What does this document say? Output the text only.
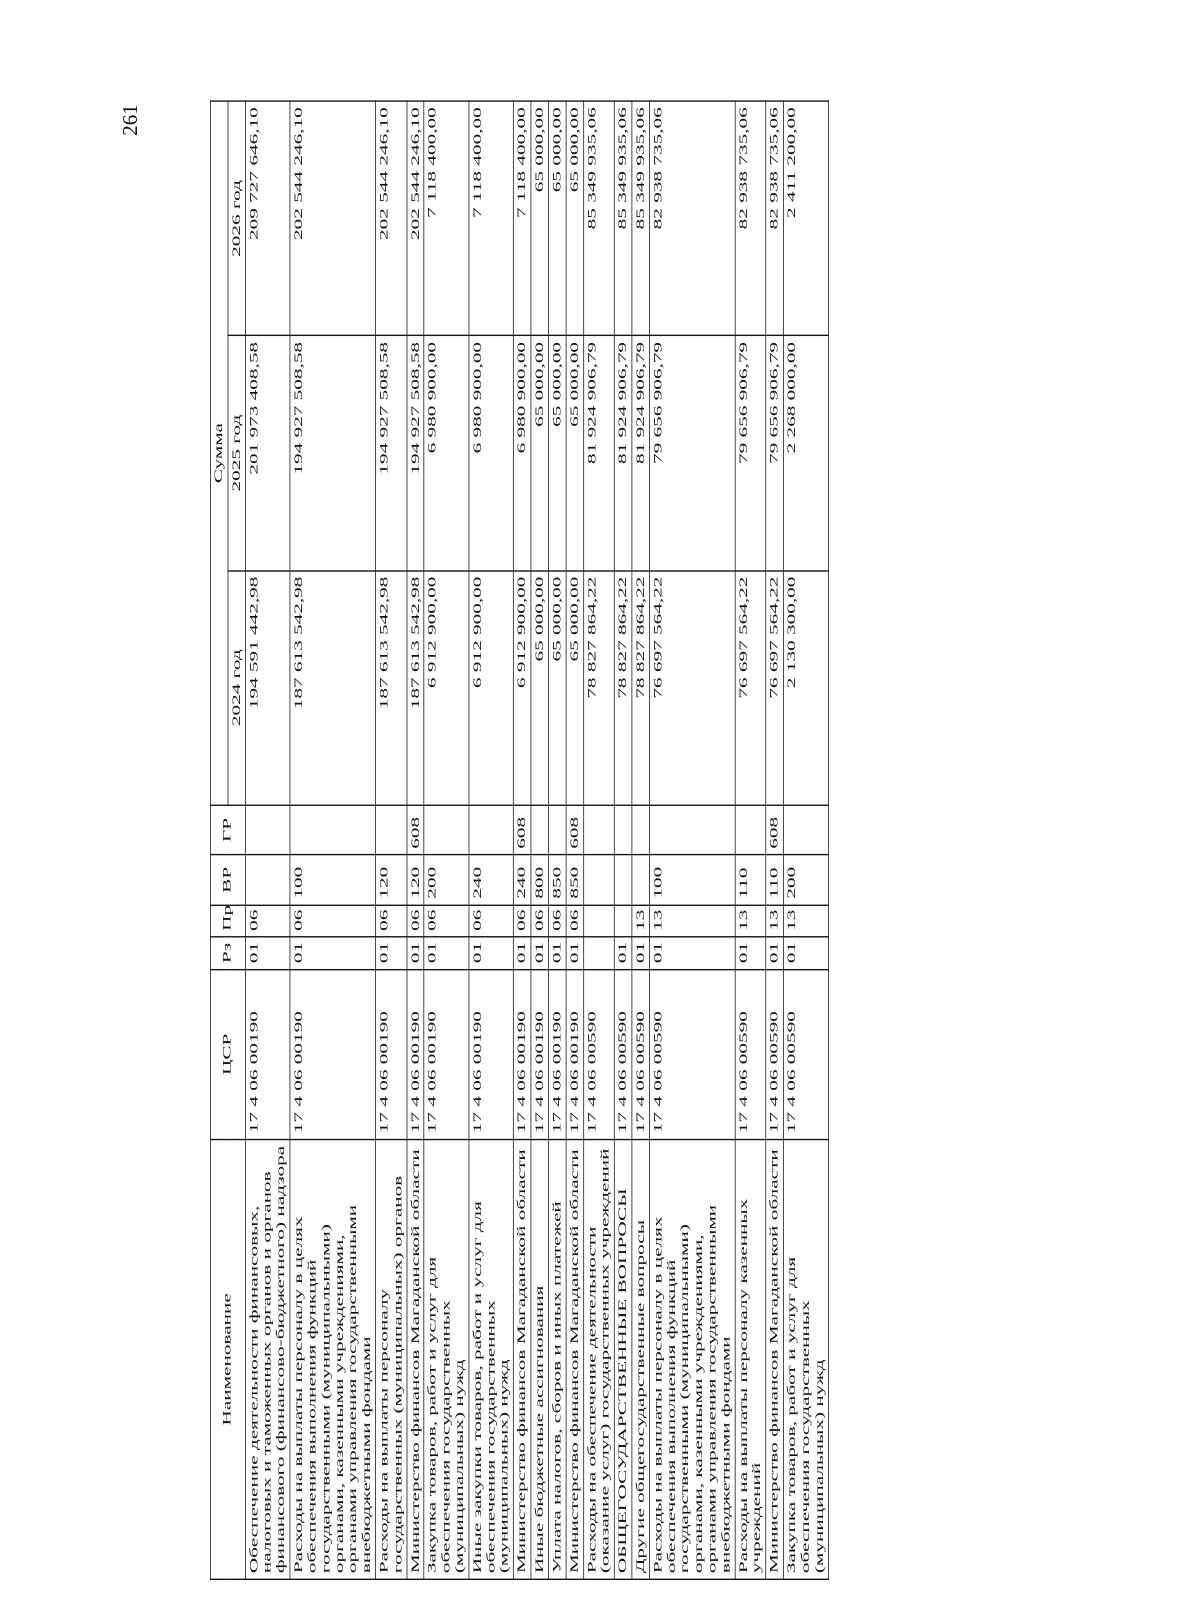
261
Наименование	ЦСР	Рз	Пр	ВР	ГР	Сумма		
						2024 год	2025 год	2026 год
Обеспечение деятельности финансовых, налоговых и таможенных органов и органов финансового (финансово-бюджетного) надзора	17 4 06 00190	01	06			194 591 442,98	201 973 408,58	209 727 646,10
Расходы на выплаты персоналу в целях обеспечения выполнения функций государственными (муниципальными) органами, казенными учреждениями, органами управления государственными внебюджетными фондами	17 4 06 00190	01	06	100		187 613 542,98	194 927 508,58	202 544 246,10
Расходы на выплаты персоналу государственных (муниципальных) органов	17 4 06 00190	01	06	120		187 613 542,98	194 927 508,58	202 544 246,10
Министерство финансов Магаданской области	17 4 06 00190	01	06	120	608	187 613 542,98	194 927 508,58	202 544 246,10
Закупка товаров, работ и услуг для обеспечения государственных (муниципальных) нужд	17 4 06 00190	01	06	200		6 912 900,00	6 980 900,00	7 118 400,00
Иные закупки товаров, работ и услуг для обеспечения государственных (муниципальных) нужд	17 4 06 00190	01	06	240		6 912 900,00	6 980 900,00	7 118 400,00
Министерство финансов Магаданской области	17 4 06 00190	01	06	240	608	6 912 900,00	6 980 900,00	7 118 400,00
Иные бюджетные ассигнования	17 4 06 00190	01	06	800		65 000,00	65 000,00	65 000,00
Уплата налогов, сборов и иных платежей	17 4 06 00190	01	06	850		65 000,00	65 000,00	65 000,00
Министерство финансов Магаданской области	17 4 06 00190	01	06	850	608	65 000,00	65 000,00	65 000,00
Расходы на обеспечение деятельности (оказание услуг) государственных учреждений	17 4 06 00590					78 827 864,22	81 924 906,79	85 349 935,06
ОБЩЕГОСУДАРСТВЕННЫЕ ВОПРОСЫ	17 4 06 00590	01				78 827 864,22	81 924 906,79	85 349 935,06
Другие общегосударственные вопросы	17 4 06 00590	01	13			78 827 864,22	81 924 906,79	85 349 935,06
Расходы на выплаты персоналу в целях обеспечения выполнения функций государственными (муниципальными) органами, казенными учреждениями, органами управления государственными внебюджетными фондами	17 4 06 00590	01	13	100		76 697 564,22	79 656 906,79	82 938 735,06
Расходы на выплаты персоналу казенных учреждений	17 4 06 00590	01	13	110		76 697 564,22	79 656 906,79	82 938 735,06
Министерство финансов Магаданской области	17 4 06 00590	01	13	110	608	76 697 564,22	79 656 906,79	82 938 735,06
Закупка товаров, работ и услуг для обеспечения государственных (муниципальных) нужд	17 4 06 00590	01	13	200		2 130 300,00	2 268 000,00	2 411 200,00
